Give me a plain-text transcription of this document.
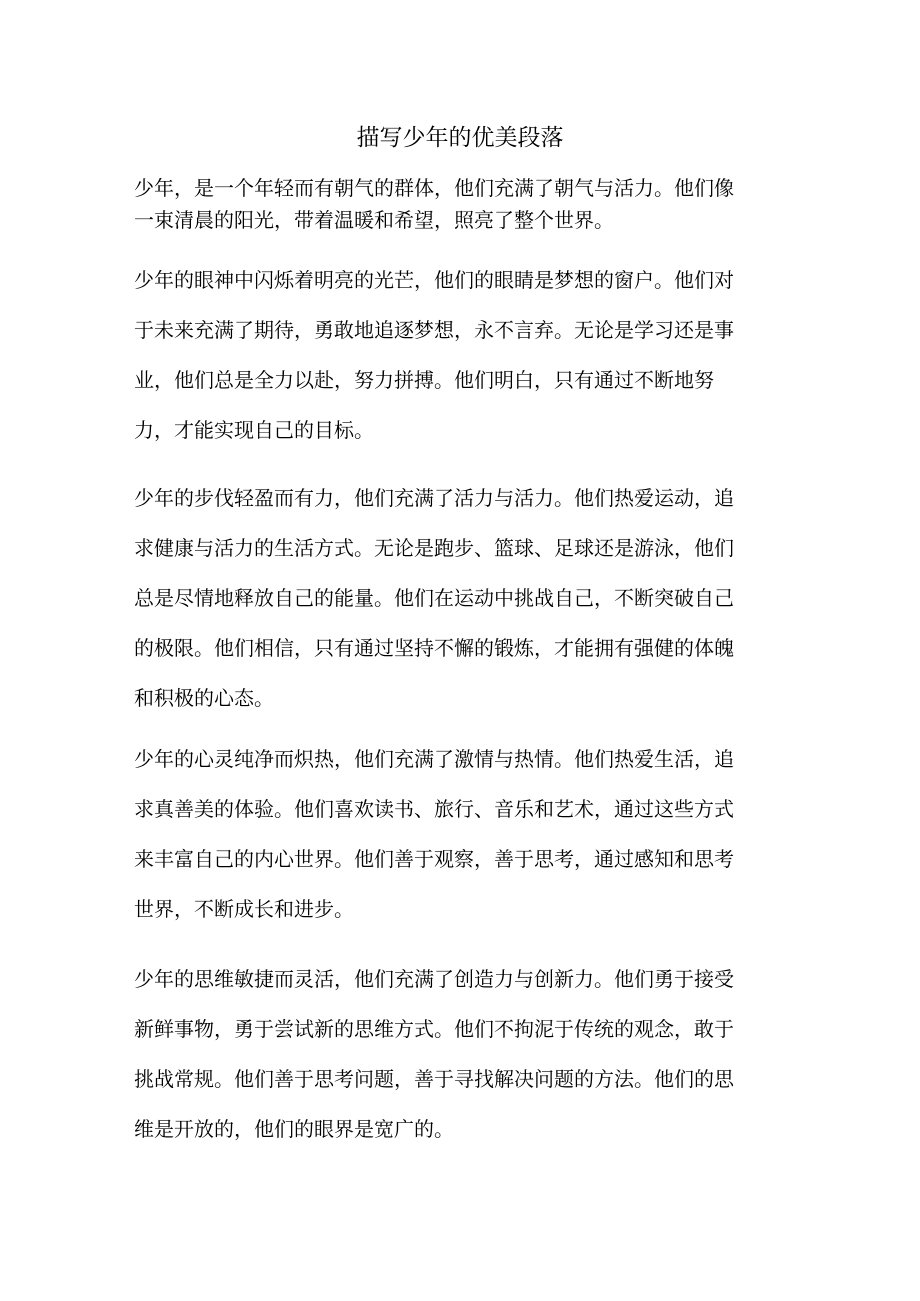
描写少年的优美段落

少年，是一个年轻而有朝气的群体，他们充满了朝气与活力。他们像
一束清晨的阳光，带着温暖和希望，照亮了整个世界。

少年的眼神中闪烁着明亮的光芒，他们的眼睛是梦想的窗户。他们对
于未来充满了期待，勇敢地追逐梦想，永不言弃。无论是学习还是事
业，他们总是全力以赴，努力拼搏。他们明白，只有通过不断地努
力，才能实现自己的目标。

少年的步伐轻盈而有力，他们充满了活力与活力。他们热爱运动，追
求健康与活力的生活方式。无论是跑步、篮球、足球还是游泳，他们
总是尽情地释放自己的能量。他们在运动中挑战自己，不断突破自己
的极限。他们相信，只有通过坚持不懈的锻炼，才能拥有强健的体魄
和积极的心态。

少年的心灵纯净而炽热，他们充满了激情与热情。他们热爱生活，追
求真善美的体验。他们喜欢读书、旅行、音乐和艺术，通过这些方式
来丰富自己的内心世界。他们善于观察，善于思考，通过感知和思考
世界，不断成长和进步。

少年的思维敏捷而灵活，他们充满了创造力与创新力。他们勇于接受
新鲜事物，勇于尝试新的思维方式。他们不拘泥于传统的观念，敢于
挑战常规。他们善于思考问题，善于寻找解决问题的方法。他们的思
维是开放的，他们的眼界是宽广的。
